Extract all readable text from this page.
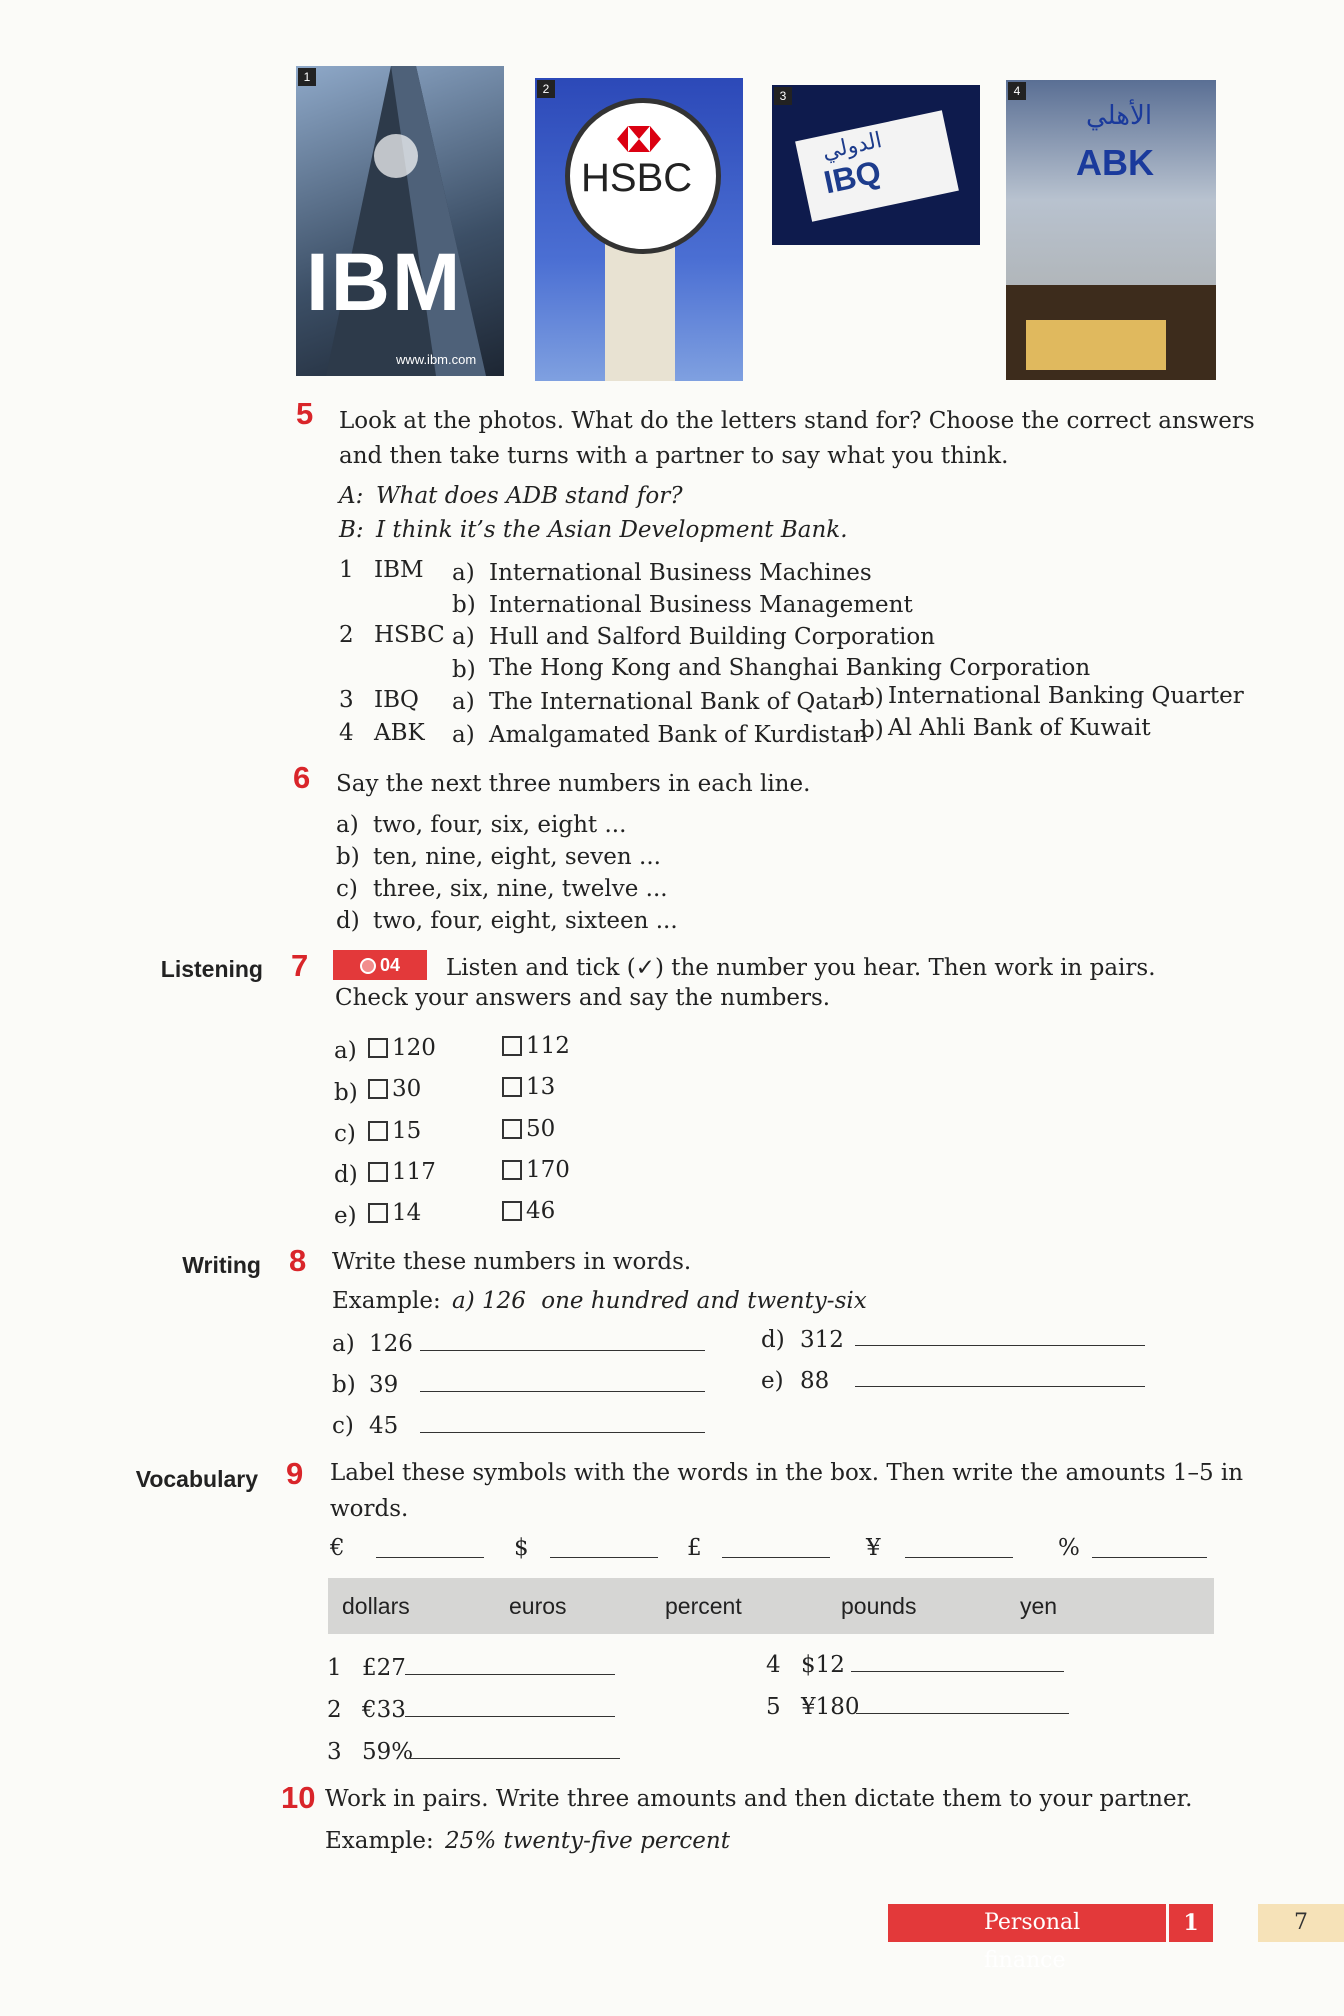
IBM
www.ibm.com
1
HSBC
2
الدولي
IBQ
3
الأهلي
ABK
4
5 Look at the photos. What do the letters stand for? Choose the correct answers
and then take turns with a partner to say what you think.
A: What does ADB stand for?
B: I think it’s the Asian Development Bank.
1 IBM a) International Business Machines
b) International Business Management
2 HSBC a) Hull and Salford Building Corporation
b) The Hong Kong and Shanghai Banking Corporation
3 IBQ a) The International Bank of Qatar
b) International Banking Quarter
4 ABK a) Amalgamated Bank of Kurdistan
b) Al Ahli Bank of Kuwait
6 Say the next three numbers in each line.
a) two, four, six, eight ...
b) ten, nine, eight, seven ...
c) three, six, nine, twelve ...
d) two, four, eight, sixteen ...
Listening 7	04	Listen and tick (✓) the number you hear. Then work in pairs.
Check your answers and say the numbers.
a)	120	112
b)	30	13
c)	15	50
d)	117	170
e)	14	46
Writing 8 Write these numbers in words.
Example: a) 126 one hundred and twenty-six
a) 126
b) 39
c) 45
d) 312
e) 88
Vocabulary 9 Label these symbols with the words in the box. Then write the amounts 1–5 in
words.
€	$	£	¥	%
dollars	euros	percent	pounds	yen
1 £27
2 €33
3 59%
4 $12
5 ¥180
10 Work in pairs. Write three amounts and then dictate them to your partner.
Example: 25% twenty-five percent
Personal finance
1	7
